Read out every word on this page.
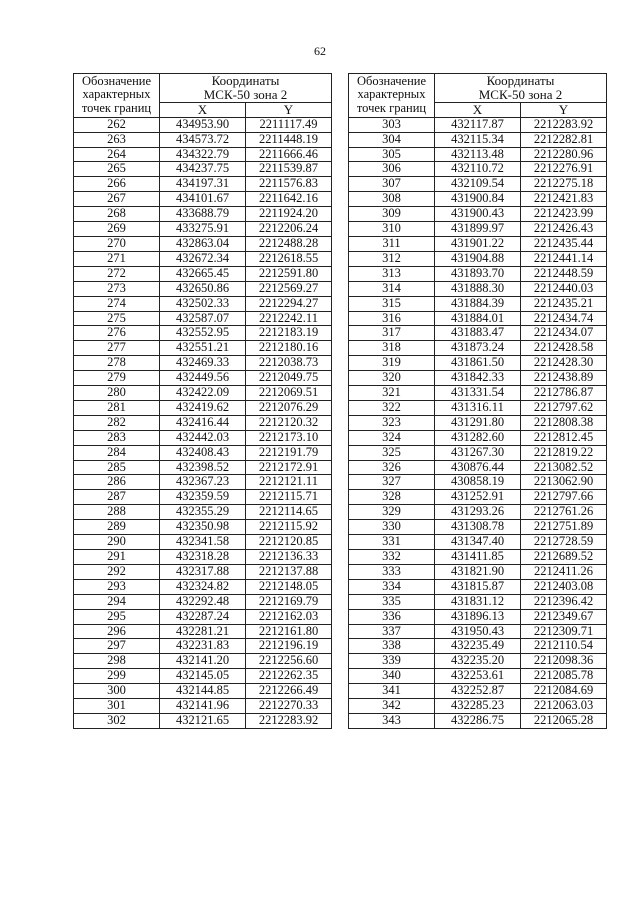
62
Обозначение
характерных
точек границ	Координаты
МСК-50 зона 2	
	X	Y
262	434953.90	2211117.49
263	434573.72	2211448.19
264	434322.79	2211666.46
265	434237.75	2211539.87
266	434197.31	2211576.83
267	434101.67	2211642.16
268	433688.79	2211924.20
269	433275.91	2212206.24
270	432863.04	2212488.28
271	432672.34	2212618.55
272	432665.45	2212591.80
273	432650.86	2212569.27
274	432502.33	2212294.27
275	432587.07	2212242.11
276	432552.95	2212183.19
277	432551.21	2212180.16
278	432469.33	2212038.73
279	432449.56	2212049.75
280	432422.09	2212069.51
281	432419.62	2212076.29
282	432416.44	2212120.32
283	432442.03	2212173.10
284	432408.43	2212191.79
285	432398.52	2212172.91
286	432367.23	2212121.11
287	432359.59	2212115.71
288	432355.29	2212114.65
289	432350.98	2212115.92
290	432341.58	2212120.85
291	432318.28	2212136.33
292	432317.88	2212137.88
293	432324.82	2212148.05
294	432292.48	2212169.79
295	432287.24	2212162.03
296	432281.21	2212161.80
297	432231.83	2212196.19
298	432141.20	2212256.60
299	432145.05	2212262.35
300	432144.85	2212266.49
301	432141.96	2212270.33
302	432121.65	2212283.92
Обозначение
характерных
точек границ	Координаты
МСК-50 зона 2	
	X	Y
303	432117.87	2212283.92
304	432115.34	2212282.81
305	432113.48	2212280.96
306	432110.72	2212276.91
307	432109.54	2212275.18
308	431900.84	2212421.83
309	431900.43	2212423.99
310	431899.97	2212426.43
311	431901.22	2212435.44
312	431904.88	2212441.14
313	431893.70	2212448.59
314	431888.30	2212440.03
315	431884.39	2212435.21
316	431884.01	2212434.74
317	431883.47	2212434.07
318	431873.24	2212428.58
319	431861.50	2212428.30
320	431842.33	2212438.89
321	431331.54	2212786.87
322	431316.11	2212797.62
323	431291.80	2212808.38
324	431282.60	2212812.45
325	431267.30	2212819.22
326	430876.44	2213082.52
327	430858.19	2213062.90
328	431252.91	2212797.66
329	431293.26	2212761.26
330	431308.78	2212751.89
331	431347.40	2212728.59
332	431411.85	2212689.52
333	431821.90	2212411.26
334	431815.87	2212403.08
335	431831.12	2212396.42
336	431896.13	2212349.67
337	431950.43	2212309.71
338	432235.49	2212110.54
339	432235.20	2212098.36
340	432253.61	2212085.78
341	432252.87	2212084.69
342	432285.23	2212063.03
343	432286.75	2212065.28
